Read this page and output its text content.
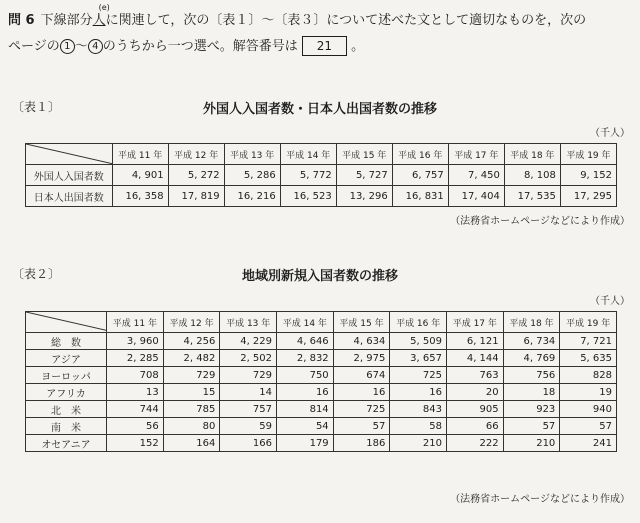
問 6 下線部分人
(e)
に関連して，次の〔表１〕〜〔表３〕について述べた文として適切なものを，次の
ページの 1 〜 4 のうちから一つ選べ。解答番号は 21 。
〔表１〕	外国人入国者数・日本人出国者数の推移
（千人）
	平成 11 年	平成 12 年	平成 13 年	平成 14 年	平成 15 年	平成 16 年	平成 17 年	平成 18 年	平成 19 年
外国人入国者数	4, 901	5, 272	5, 286	5, 772	5, 727	6, 757	7, 450	8, 108	9, 152
日本人出国者数	16, 358	17, 819	16, 216	16, 523	13, 296	16, 831	17, 404	17, 535	17, 295
（法務省ホームページなどにより作成）
〔表２〕	地域別新規入国者数の推移
（千人）
	平成 11 年	平成 12 年	平成 13 年	平成 14 年	平成 15 年	平成 16 年	平成 17 年	平成 18 年	平成 19 年
総　数	3, 960	4, 256	4, 229	4, 646	4, 634	5, 509	6, 121	6, 734	7, 721
アジア	2, 285	2, 482	2, 502	2, 832	2, 975	3, 657	4, 144	4, 769	5, 635
ヨーロッパ	708	729	729	750	674	725	763	756	828
アフリカ	13	15	14	16	16	16	20	18	19
北　米	744	785	757	814	725	843	905	923	940
南　米	56	80	59	54	57	58	66	57	57
オセアニア	152	164	166	179	186	210	222	210	241
（法務省ホームページなどにより作成）
